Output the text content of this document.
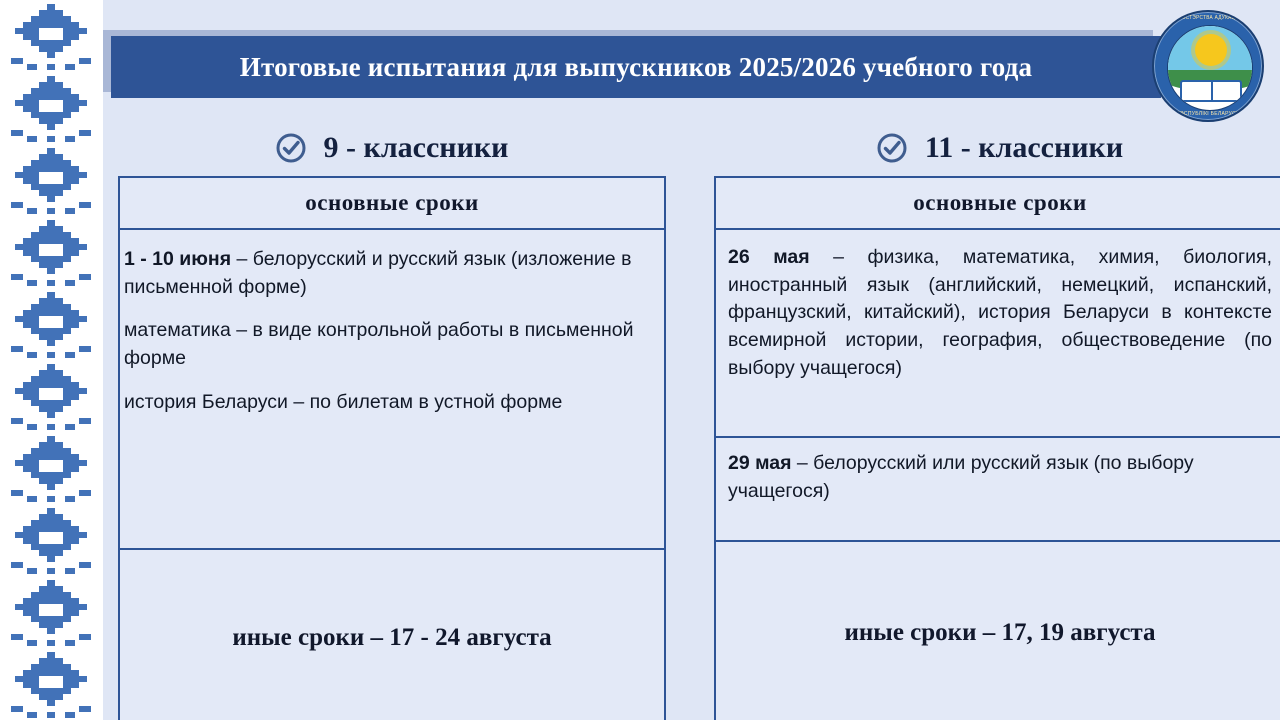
Итоговые испытания для выпускников 2025/2026 учебного года
МІНІСТЭРСТВА АДУКАЦЫІ
РЭСПУБЛІКІ БЕЛАРУСЬ
9 - классники
основные сроки

1 - 10 июня – белорусский и русский язык (изложение в письменной форме)

математика – в виде контрольной работы в письменной форме

история Беларуси – по билетам в устной форме

иные сроки – 17 - 24 августа
11 - классники
основные сроки

26 мая – физика, математика, химия, биология, иностранный язык (английский, немецкий, испанский, французский, китайский), история Беларуси в контексте всемирной истории, география, обществоведение (по выбору учащегося)

29 мая – белорусский или русский язык (по выбору учащегося)

иные сроки – 17, 19 августа
